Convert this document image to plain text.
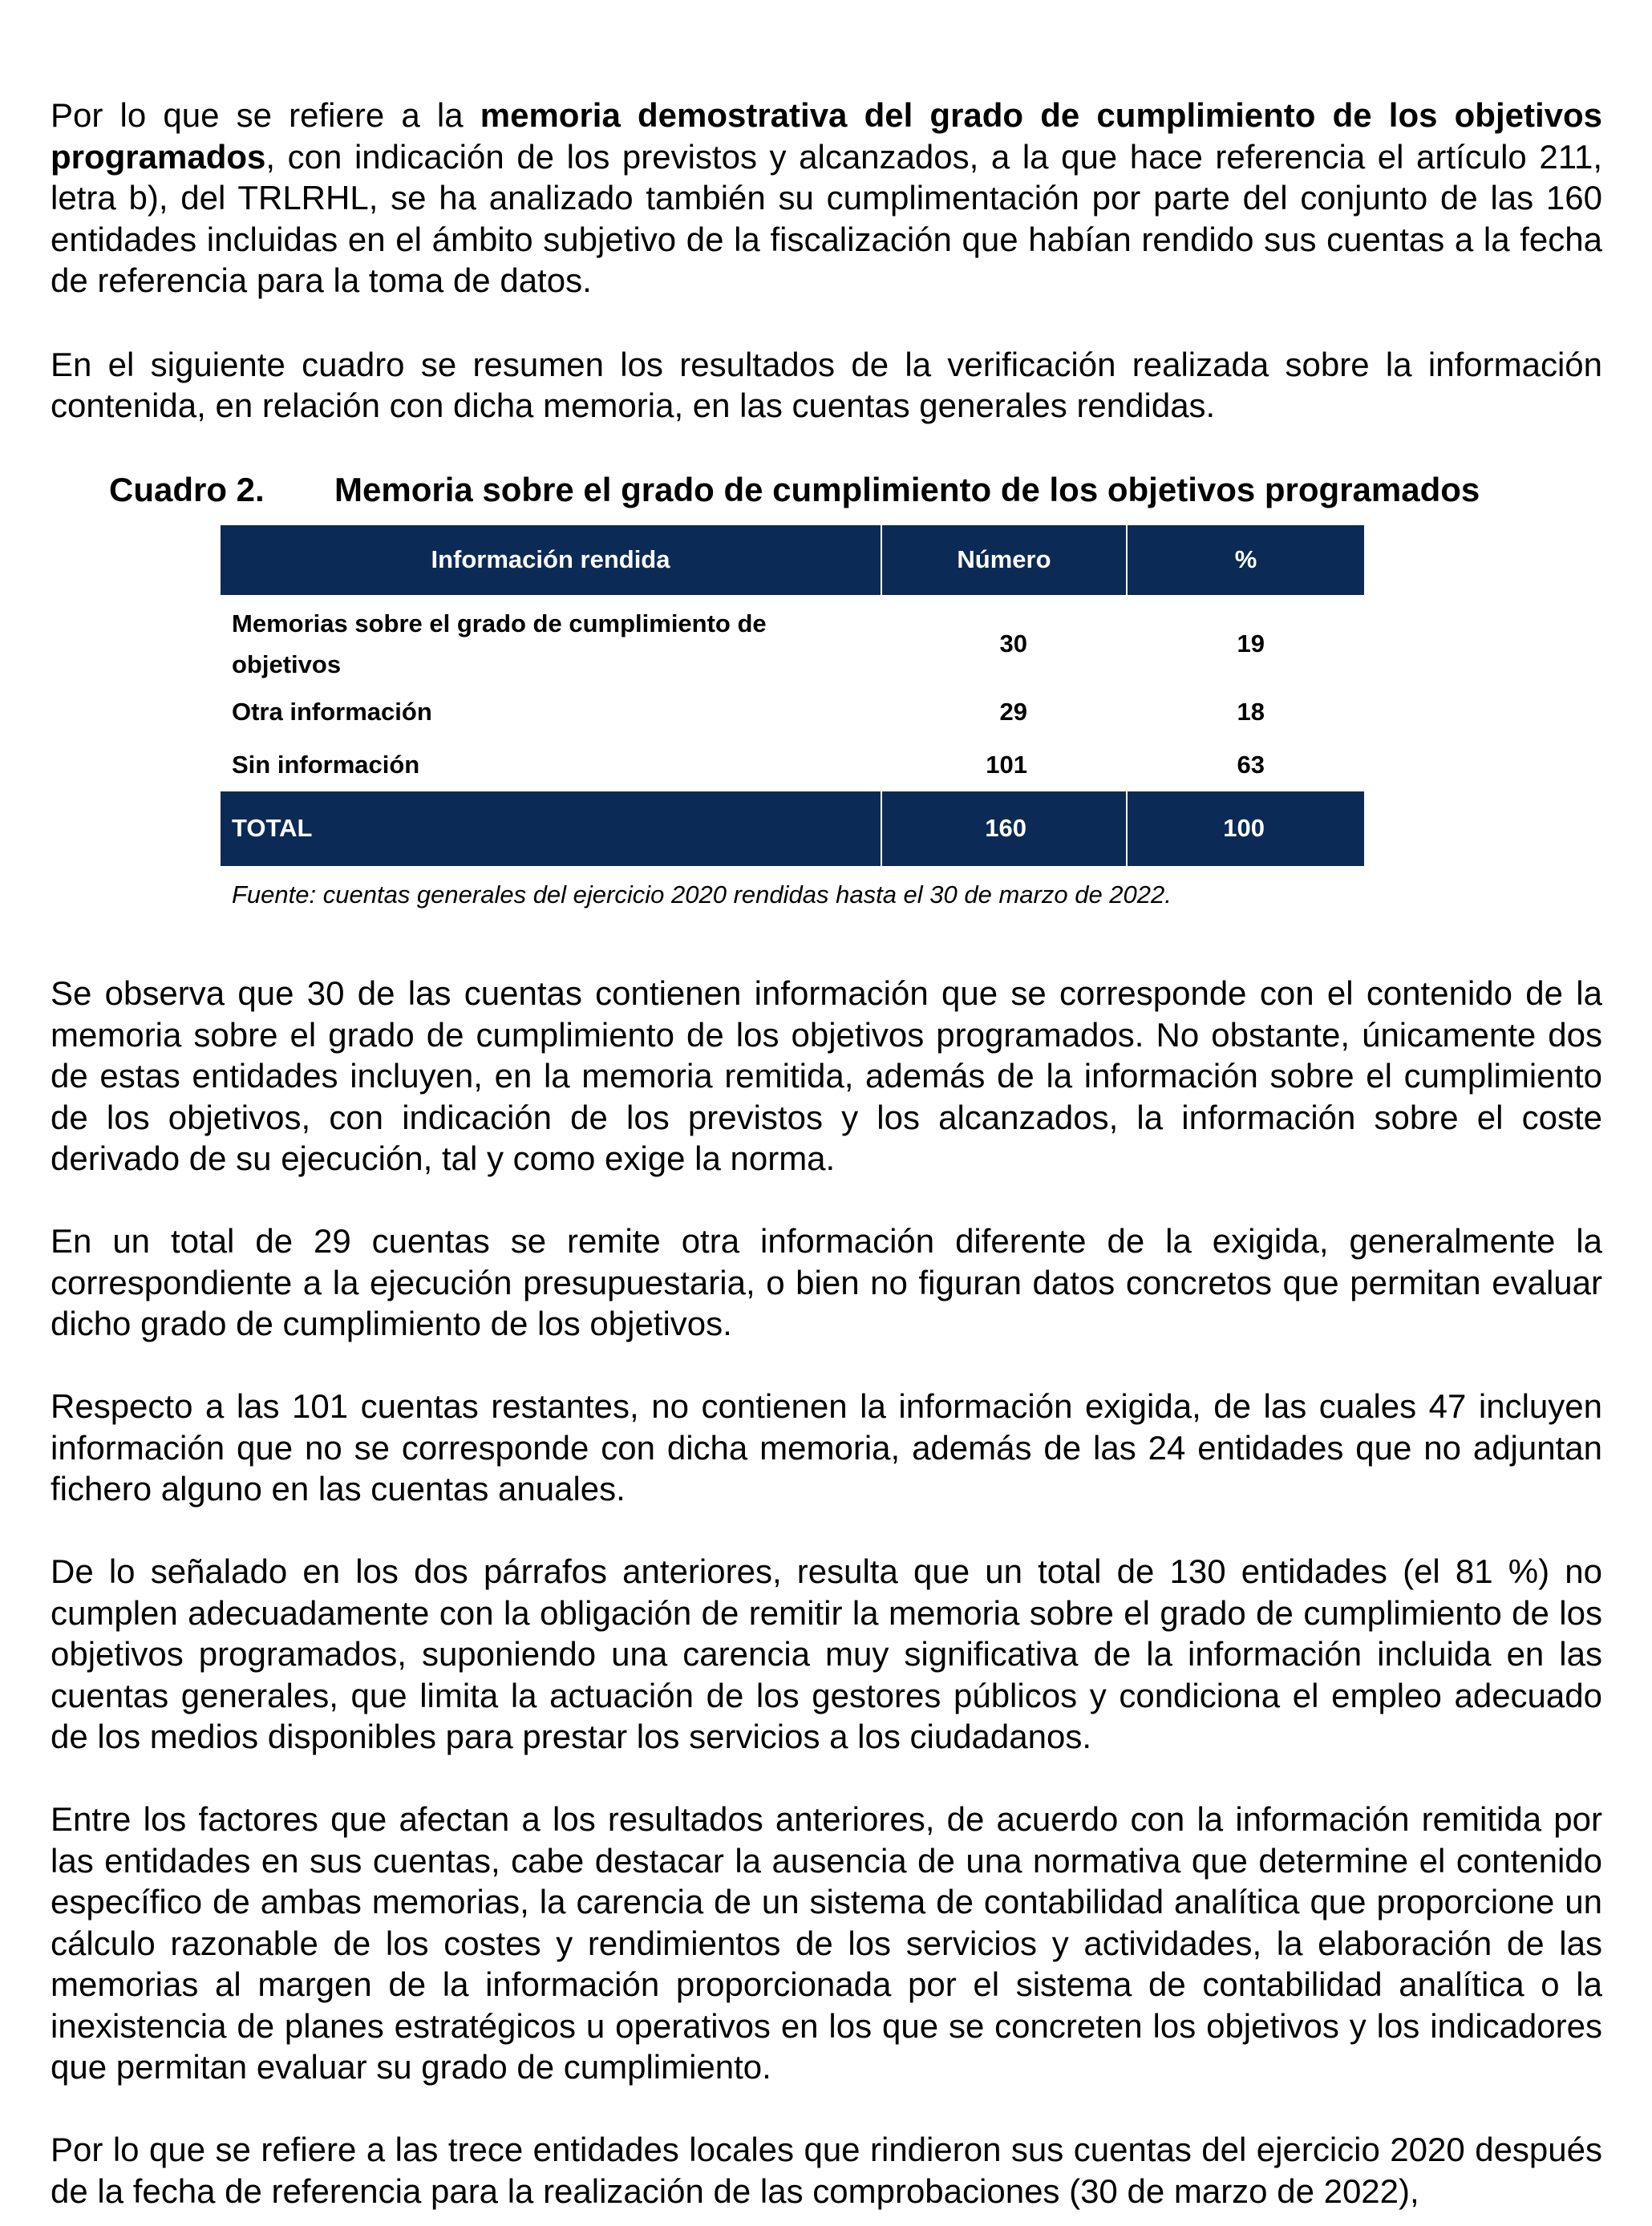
Por lo que se refiere a la memoria demostrativa del grado de cumplimiento de los objetivos programados, con indicación de los previstos y alcanzados, a la que hace referencia el artículo 211, letra b), del TRLRHL, se ha analizado también su cumplimentación por parte del conjunto de las 160 entidades incluidas en el ámbito subjetivo de la fiscalización que habían rendido sus cuentas a la fecha de referencia para la toma de datos.

En el siguiente cuadro se resumen los resultados de la verificación realizada sobre la información contenida, en relación con dicha memoria, en las cuentas generales rendidas.

Cuadro 2. Memoria sobre el grado de cumplimiento de los objetivos programados
Información rendida	Número	%
Memorias sobre el grado de cumplimiento de objetivos	30	19
Otra información	29	18
Sin información	101	63
TOTAL	160	100
Fuente: cuentas generales del ejercicio 2020 rendidas hasta el 30 de marzo de 2022.

Se observa que 30 de las cuentas contienen información que se corresponde con el contenido de la memoria sobre el grado de cumplimiento de los objetivos programados. No obstante, únicamente dos de estas entidades incluyen, en la memoria remitida, además de la información sobre el cumplimiento de los objetivos, con indicación de los previstos y los alcanzados, la información sobre el coste derivado de su ejecución, tal y como exige la norma.

En un total de 29 cuentas se remite otra información diferente de la exigida, generalmente la correspondiente a la ejecución presupuestaria, o bien no figuran datos concretos que permitan evaluar dicho grado de cumplimiento de los objetivos.

Respecto a las 101 cuentas restantes, no contienen la información exigida, de las cuales 47 incluyen información que no se corresponde con dicha memoria, además de las 24 entidades que no adjuntan fichero alguno en las cuentas anuales.

De lo señalado en los dos párrafos anteriores, resulta que un total de 130 entidades (el 81 %) no cumplen adecuadamente con la obligación de remitir la memoria sobre el grado de cumplimiento de los objetivos programados, suponiendo una carencia muy significativa de la información incluida en las cuentas generales, que limita la actuación de los gestores públicos y condiciona el empleo adecuado de los medios disponibles para prestar los servicios a los ciudadanos.

Entre los factores que afectan a los resultados anteriores, de acuerdo con la información remitida por las entidades en sus cuentas, cabe destacar la ausencia de una normativa que determine el contenido específico de ambas memorias, la carencia de un sistema de contabilidad analítica que proporcione un cálculo razonable de los costes y rendimientos de los servicios y actividades, la elaboración de las memorias al margen de la información proporcionada por el sistema de contabilidad analítica o la inexistencia de planes estratégicos u operativos en los que se concreten los objetivos y los indicadores que permitan evaluar su grado de cumplimiento.

Por lo que se refiere a las trece entidades locales que rindieron sus cuentas del ejercicio 2020 después de la fecha de referencia para la realización de las comprobaciones (30 de marzo de 2022),
